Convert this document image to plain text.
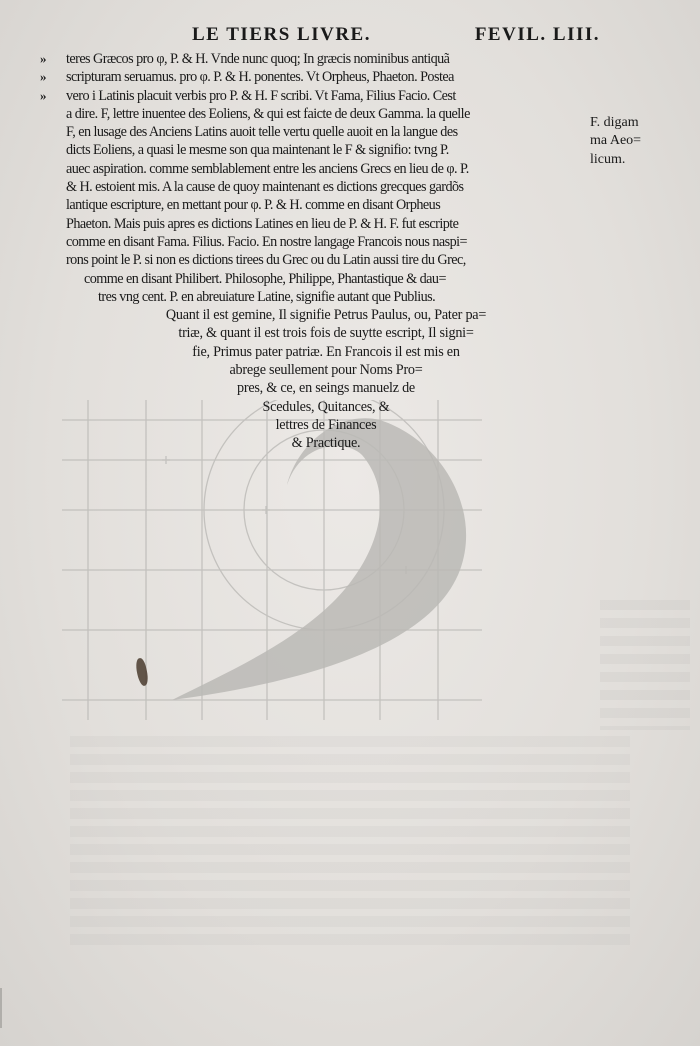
LE TIERS LIVRE.	FEVIL. LIII.
»
»
»
teres Græcos pro φ, P. & H. Vnde nunc quoq; In græcis nominibus antiquã
scripturam seruamus. pro φ. P. & H. ponentes. Vt Orpheus, Phaeton. Postea
vero i Latinis placuit verbis pro P. & H. F scribi. Vt Fama, Filius Facio. Cest
a dire. F, lettre inuentee des Eoliens, & qui est faicte de deux Gamma. la quelle
F, en lusage des Anciens Latins auoit telle vertu quelle auoit en la langue des
dicts Eoliens, a quasi le mesme son qua maintenant le F & signifio: tvng P.
auec aspiration. comme semblablement entre les anciens Grecs en lieu de φ. P.
& H. estoient mis. A la cause de quoy maintenant es dictions grecques gardõs
lantique escripture, en mettant pour φ. P. & H. comme en disant Orpheus
Phaeton. Mais puis apres es dictions Latines en lieu de P. & H. F. fut escripte
comme en disant Fama. Filius. Facio. En nostre langage Francois nous naspi=
rons point le P. si non es dictions tirees du Grec ou du Latin aussi tire du Grec,
comme en disant Philibert. Philosophe, Philippe, Phantastique & dau=
tres vng cent. P. en abreuiature Latine, signifie autant que Publius.
Quant il est gemine, Il signifie Petrus Paulus, ou, Pater pa=
triæ, & quant il est trois fois de suytte escript, Il signi=
fie, Primus pater patriæ. En Francois il est mis en
abrege seullement pour Noms Pro=
pres, & ce, en seings manuelz de
Scedules, Quitances, &
lettres de Finances
& Practique.
F. digam
ma Aeo=
licum.
